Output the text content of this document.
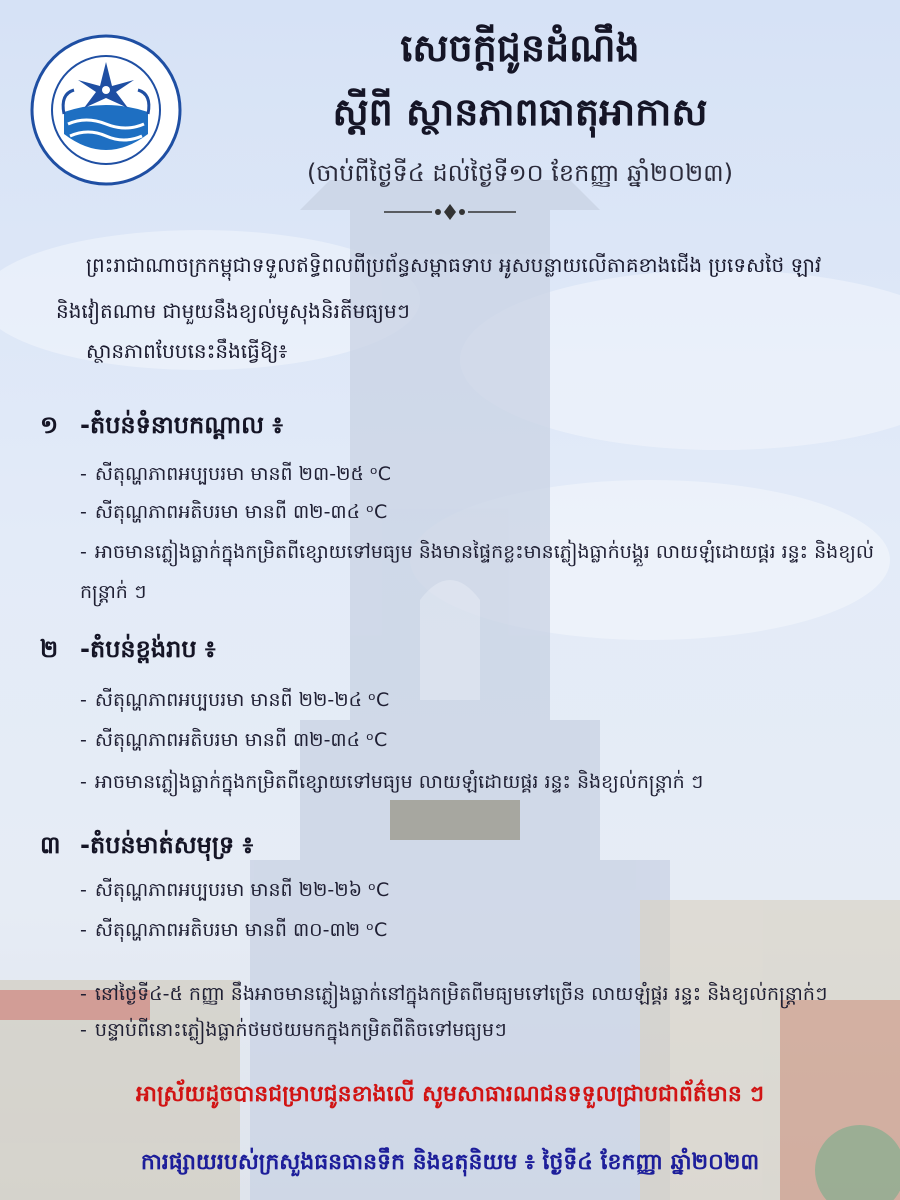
សេចក្តីជូនដំណឹង
ស្តីពី ស្ថានភាពធាតុអាកាស
(ចាប់ពីថ្ងៃទី៤ ដល់ថ្ងៃទី១០ ខែកញ្ញា ឆ្នាំ២០២៣)

ព្រះរាជាណាចក្រកម្ពុជាទទួលឥទ្ធិពលពីប្រព័ន្ធសម្ពាធទាប អូសបន្លាយលើតាគខាងជើង ប្រទេសថៃ ឡាវ និងវៀតណាម ជាមួយនឹងខ្យល់មូសុងនិរតីមធ្យមៗ

ស្ថានភាពបែបនេះនឹងធ្វើឱ្យ៖
១ -តំបន់ទំនាបកណ្តាល ៖
- សីតុណ្ហភាពអប្បបរមា មានពី ២៣-២៥ ᵒC
- សីតុណ្ហភាពអតិបរមា មានពី ៣២-៣៤ ᵒC
- អាចមានភ្លៀងធ្លាក់ក្នុងកម្រិតពីខ្សោយទៅមធ្យម និងមានផ្ទៃកខ្លះមានភ្លៀងធ្លាក់បង្គួរ លាយឡំដោយផ្គរ រន្ទះ និងខ្យល់កន្ត្រាក់ ៗ
២ -តំបន់ខ្ពង់រាប ៖
- សីតុណ្ហភាពអប្បបរមា មានពី ២២-២៤ ᵒC
- សីតុណ្ហភាពអតិបរមា មានពី ៣២-៣៤ ᵒC
- អាចមានភ្លៀងធ្លាក់ក្នុងកម្រិតពីខ្សោយទៅមធ្យម លាយឡំដោយផ្គរ រន្ទះ និងខ្យល់កន្ត្រាក់ ៗ
៣ -តំបន់មាត់សមុទ្រ ៖
- សីតុណ្ហភាពអប្បបរមា មានពី ២២-២៦ ᵒC
- សីតុណ្ហភាពអតិបរមា មានពី ៣០-៣២ ᵒC
- នៅថ្ងៃទី៤-៥ កញ្ញា នឹងអាចមានភ្លៀងធ្លាក់នៅក្នុងកម្រិតពីមធ្យមទៅច្រើន លាយឡំផ្គរ រន្ទះ និងខ្យល់កន្ត្រាក់ៗ
- បន្ទាប់ពីនោះភ្លៀងធ្លាក់ថមថយមកក្នុងកម្រិតពីតិចទៅមធ្យមៗ
អាស្រ័យដូចបានជម្រាបជូនខាងលើ សូមសាធារណជនទទួលជ្រាបជាព័ត៌មាន ៗ
ការផ្សាយរបស់ក្រសួងធនធានទឹក និងឧតុនិយម ៖ ថ្ងៃទី៤ ខែកញ្ញា ឆ្នាំ២០២៣
